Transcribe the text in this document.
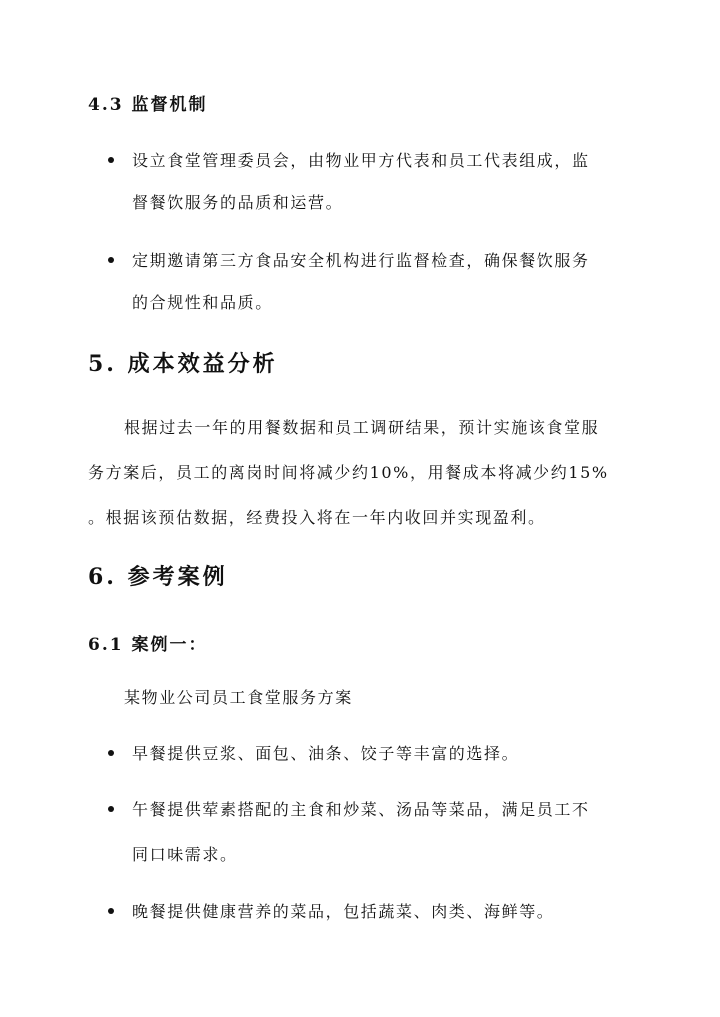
4.3 监督机制
设立食堂管理委员会，由物业甲方代表和员工代表组成，监
督餐饮服务的品质和运营。
定期邀请第三方食品安全机构进行监督检查，确保餐饮服务
的合规性和品质。
5. 成本效益分析
根据过去一年的用餐数据和员工调研结果，预计实施该食堂服
务方案后，员工的离岗时间将减少约10%，用餐成本将减少约15%
。根据该预估数据，经费投入将在一年内收回并实现盈利。
6. 参考案例
6.1 案例一：
某物业公司员工食堂服务方案
早餐提供豆浆、面包、油条、饺子等丰富的选择。
午餐提供荤素搭配的主食和炒菜、汤品等菜品，满足员工不
同口味需求。
晚餐提供健康营养的菜品，包括蔬菜、肉类、海鲜等。
